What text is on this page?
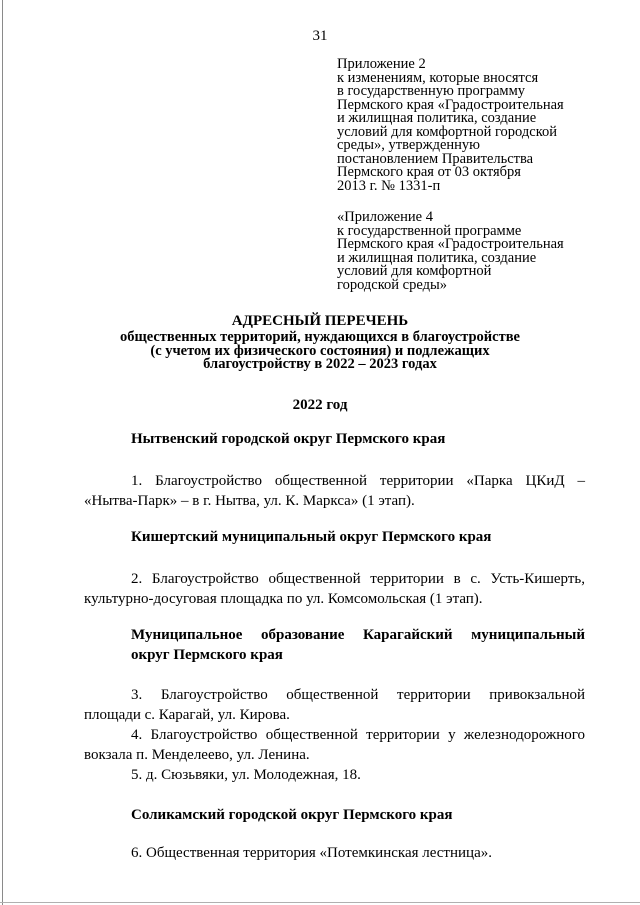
31
Приложение 2
к изменениям, которые вносятся
в государственную программу
Пермского края «Градостроительная
и жилищная политика, создание
условий для комфортной городской
среды», утвержденную
постановлением Правительства
Пермского края от 03 октября
2013 г. № 1331-п
«Приложение 4
к государственной программе
Пермского края «Градостроительная
и жилищная политика, создание
условий для комфортной
городской среды»
АДРЕСНЫЙ ПЕРЕЧЕНЬ
общественных территорий, нуждающихся в благоустройстве
(с учетом их физического состояния) и подлежащих
благоустройству в 2022 – 2023 годах
2022 год
Нытвенский городской округ Пермского края
1. Благоустройство общественной территории «Парка ЦКиД –
«Нытва-Парк» – в г. Нытва, ул. К. Маркса» (1 этап).
Кишертский муниципальный округ Пермского края
2. Благоустройство общественной территории в с. Усть-Кишерть,
культурно-досуговая площадка по ул. Комсомольская (1 этап).
Муниципальное образование Карагайский муниципальный
округ Пермского края
3. Благоустройство общественной территории привокзальной
площади с. Карагай, ул. Кирова.
4. Благоустройство общественной территории у железнодорожного
вокзала п. Менделеево, ул. Ленина.
5. д. Сюзьвяки, ул. Молодежная, 18.
Соликамский городской округ Пермского края
6. Общественная территория «Потемкинская лестница».
